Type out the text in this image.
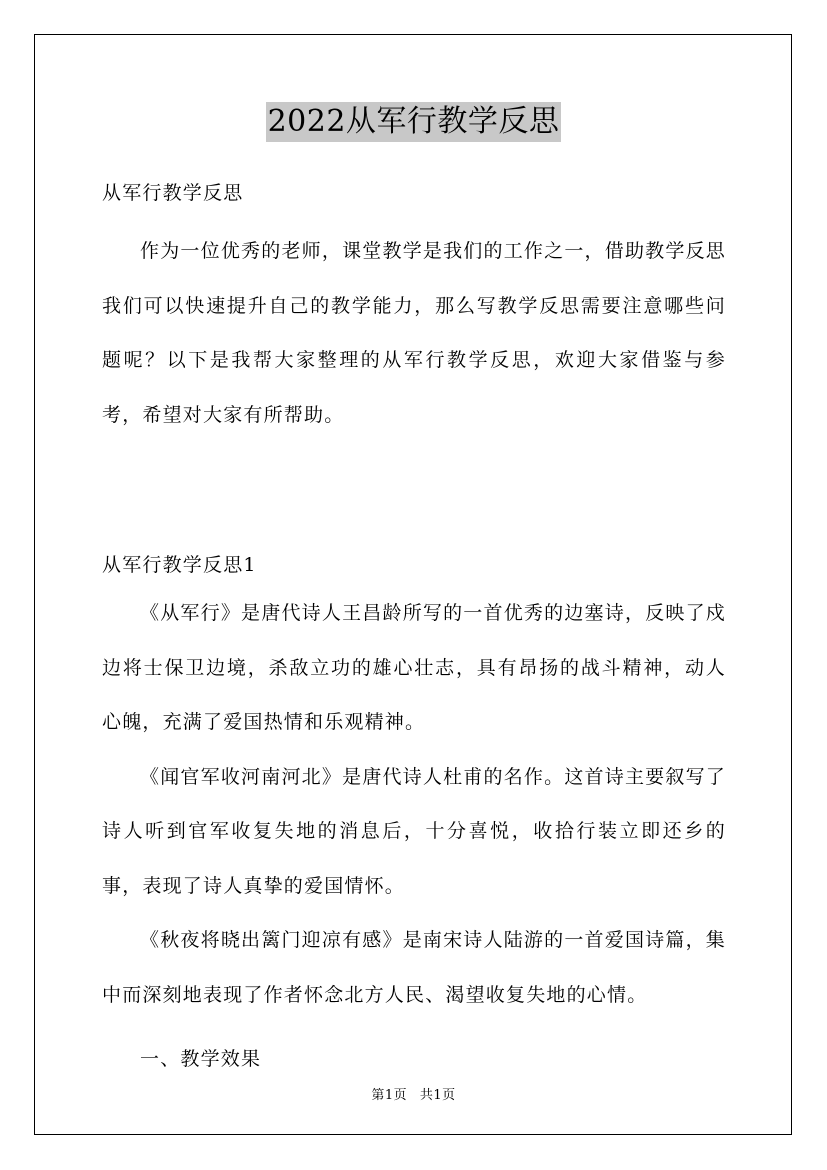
2022从军行教学反思

从军行教学反思

作为一位优秀的老师，课堂教学是我们的工作之一，借助教学反思我们可以快速提升自己的教学能力，那么写教学反思需要注意哪些问题呢？以下是我帮大家整理的从军行教学反思，欢迎大家借鉴与参考，希望对大家有所帮助。

从军行教学反思1

《从军行》是唐代诗人王昌龄所写的一首优秀的边塞诗，反映了戍边将士保卫边境，杀敌立功的雄心壮志，具有昂扬的战斗精神，动人心魄，充满了爱国热情和乐观精神。

《闻官军收河南河北》是唐代诗人杜甫的名作。这首诗主要叙写了诗人听到官军收复失地的消息后，十分喜悦，收拾行装立即还乡的事，表现了诗人真挚的爱国情怀。

《秋夜将晓出篱门迎凉有感》是南宋诗人陆游的一首爱国诗篇，集中而深刻地表现了作者怀念北方人民、渴望收复失地的心情。

一、教学效果

第1页 共1页
